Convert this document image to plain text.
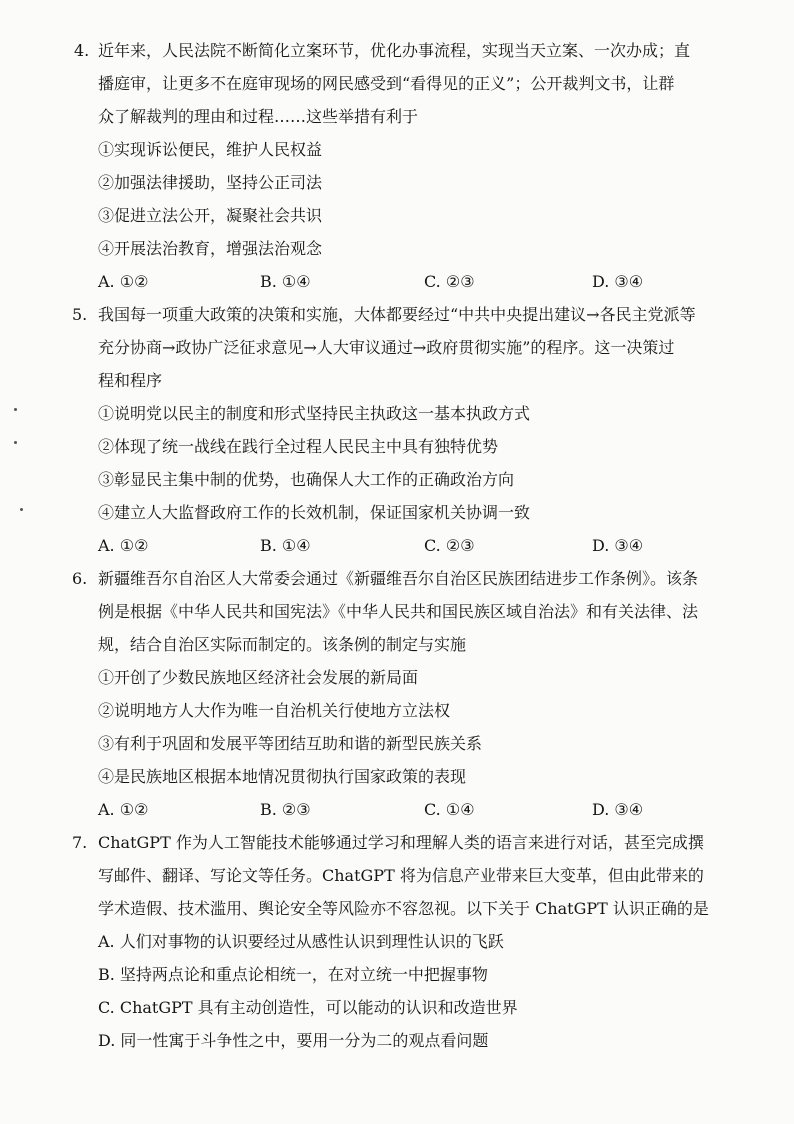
4. 近年来，人民法院不断简化立案环节，优化办事流程，实现当天立案、一次办成；直
播庭审，让更多不在庭审现场的网民感受到“看得见的正义”；公开裁判文书，让群
众了解裁判的理由和过程……这些举措有利于
①实现诉讼便民，维护人民权益
②加强法律援助，坚持公正司法
③促进立法公开，凝聚社会共识
④开展法治教育，增强法治观念
A. ①②	B. ①④	C. ②③	D. ③④
5. 我国每一项重大政策的决策和实施，大体都要经过“中共中央提出建议→各民主党派等
充分协商→政协广泛征求意见→人大审议通过→政府贯彻实施”的程序。这一决策过
程和程序
①说明党以民主的制度和形式坚持民主执政这一基本执政方式
②体现了统一战线在践行全过程人民民主中具有独特优势
③彰显民主集中制的优势，也确保人大工作的正确政治方向
④建立人大监督政府工作的长效机制，保证国家机关协调一致
A. ①②	B. ①④	C. ②③	D. ③④
6. 新疆维吾尔自治区人大常委会通过《新疆维吾尔自治区民族团结进步工作条例》。该条
例是根据《中华人民共和国宪法》《中华人民共和国民族区域自治法》和有关法律、法
规，结合自治区实际而制定的。该条例的制定与实施
①开创了少数民族地区经济社会发展的新局面
②说明地方人大作为唯一自治机关行使地方立法权
③有利于巩固和发展平等团结互助和谐的新型民族关系
④是民族地区根据本地情况贯彻执行国家政策的表现
A. ①②	B. ②③	C. ①④	D. ③④
7. ChatGPT 作为人工智能技术能够通过学习和理解人类的语言来进行对话，甚至完成撰
写邮件、翻译、写论文等任务。ChatGPT 将为信息产业带来巨大变革，但由此带来的
学术造假、技术滥用、舆论安全等风险亦不容忽视。以下关于 ChatGPT 认识正确的是
A. 人们对事物的认识要经过从感性认识到理性认识的飞跃
B. 坚持两点论和重点论相统一，在对立统一中把握事物
C. ChatGPT 具有主动创造性，可以能动的认识和改造世界
D. 同一性寓于斗争性之中，要用一分为二的观点看问题
